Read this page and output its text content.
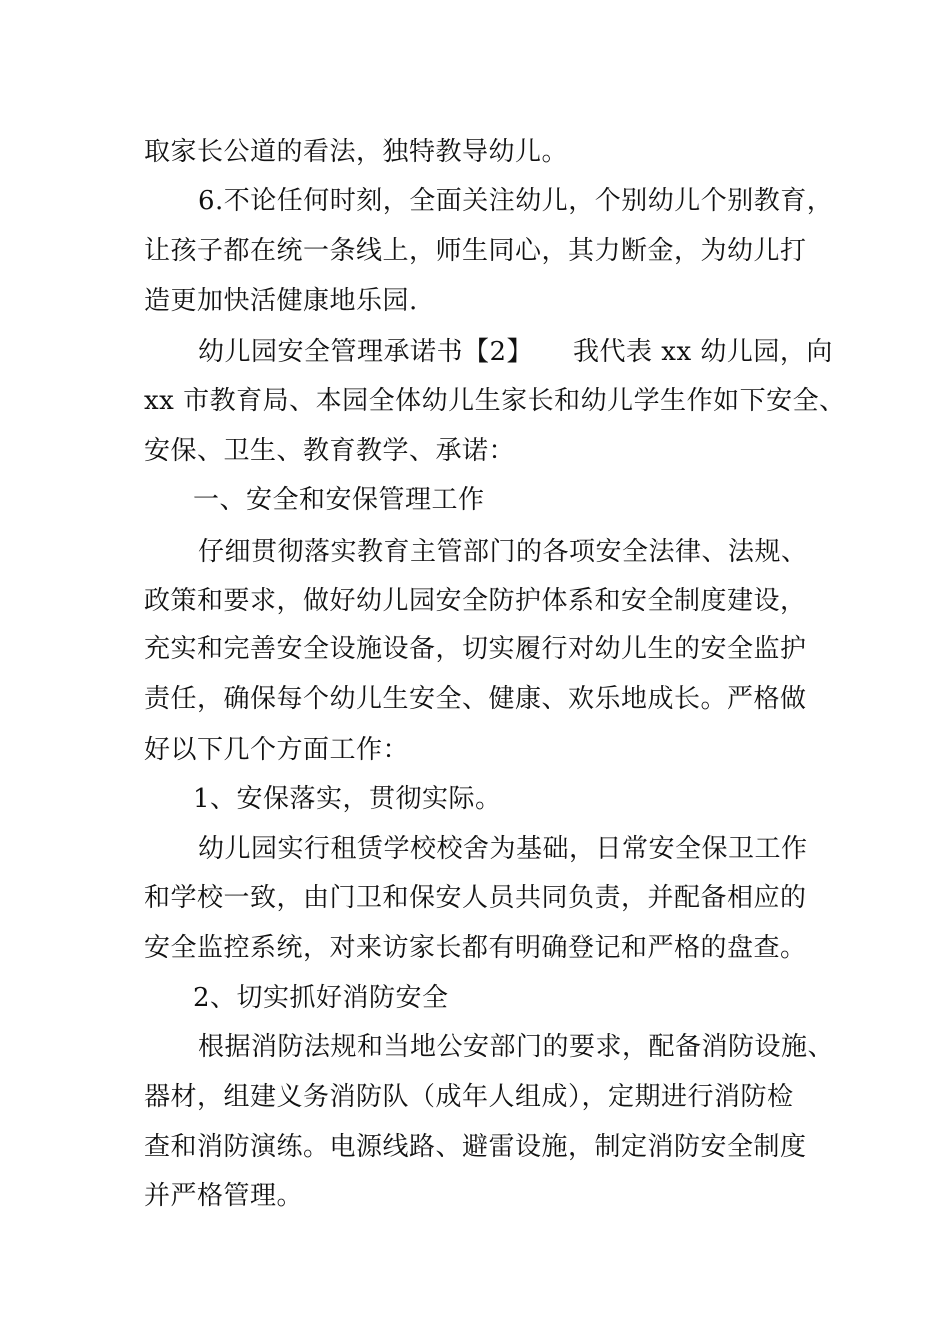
取家长公道的看法，独特教导幼儿。
6.不论任何时刻，全面关注幼儿，个别幼儿个别教育，
让孩子都在统一条线上，师生同心，其力断金，为幼儿打
造更加快活健康地乐园.
幼儿园安全管理承诺书【2】　　我代表 xx 幼儿园，向
xx 市教育局、本园全体幼儿生家长和幼儿学生作如下安全、
安保、卫生、教育教学、承诺：
一、安全和安保管理工作
仔细贯彻落实教育主管部门的各项安全法律、法规、
政策和要求，做好幼儿园安全防护体系和安全制度建设，
充实和完善安全设施设备，切实履行对幼儿生的安全监护
责任，确保每个幼儿生安全、健康、欢乐地成长。严格做
好以下几个方面工作：
1、安保落实，贯彻实际。
幼儿园实行租赁学校校舍为基础，日常安全保卫工作
和学校一致，由门卫和保安人员共同负责，并配备相应的
安全监控系统，对来访家长都有明确登记和严格的盘查。
2、切实抓好消防安全
根据消防法规和当地公安部门的要求，配备消防设施、
器材，组建义务消防队（成年人组成），定期进行消防检
查和消防演练。电源线路、避雷设施，制定消防安全制度
并严格管理。
